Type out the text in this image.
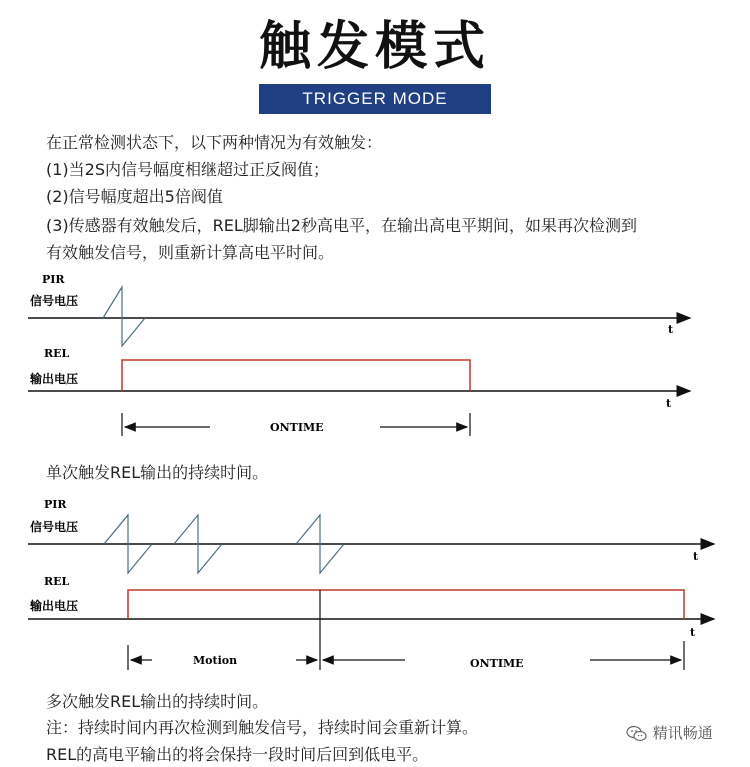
触发模式
TRIGGER MODE
在正常检测状态下，以下两种情况为有效触发：
(1)当2S内信号幅度相继超过正反阀值；
(2)信号幅度超出5倍阀值
(3)传感器有效触发后，REL脚输出2秒高电平，在输出高电平期间，如果再次检测到
有效触发信号，则重新计算高电平时间。
PIR
信号电压
t
REL
输出电压
t
ONTIME
PIR
信号电压
t
REL
输出电压
t
Motion	ONTIME
单次触发REL输出的持续时间。
多次触发REL输出的持续时间。
注：持续时间内再次检测到触发信号，持续时间会重新计算。
REL的高电平输出的将会保持一段时间后回到低电平。
精讯畅通
